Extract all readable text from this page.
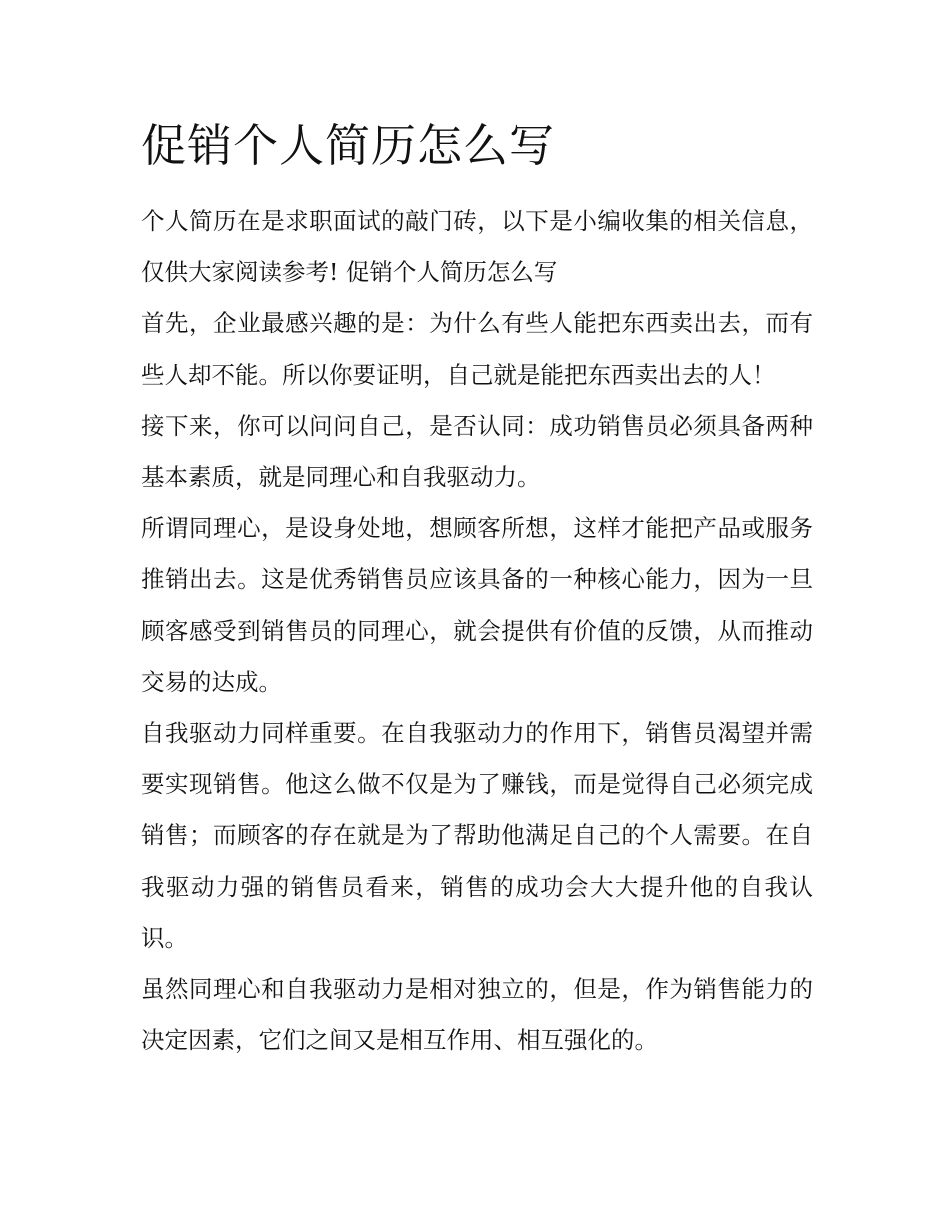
促销个人简历怎么写

个人简历在是求职面试的敲门砖，以下是小编收集的相关信息，仅供大家阅读参考! 促销个人简历怎么写

首先，企业最感兴趣的是：为什么有些人能把东西卖出去，而有些人却不能。所以你要证明，自己就是能把东西卖出去的人！

接下来，你可以问问自己，是否认同：成功销售员必须具备两种基本素质，就是同理心和自我驱动力。

所谓同理心，是设身处地，想顾客所想，这样才能把产品或服务推销出去。这是优秀销售员应该具备的一种核心能力，因为一旦顾客感受到销售员的同理心，就会提供有价值的反馈，从而推动交易的达成。

自我驱动力同样重要。在自我驱动力的作用下，销售员渴望并需要实现销售。他这么做不仅是为了赚钱，而是觉得自己必须完成销售；而顾客的存在就是为了帮助他满足自己的个人需要。在自我驱动力强的销售员看来，销售的成功会大大提升他的自我认识。

虽然同理心和自我驱动力是相对独立的，但是，作为销售能力的决定因素，它们之间又是相互作用、相互强化的。
